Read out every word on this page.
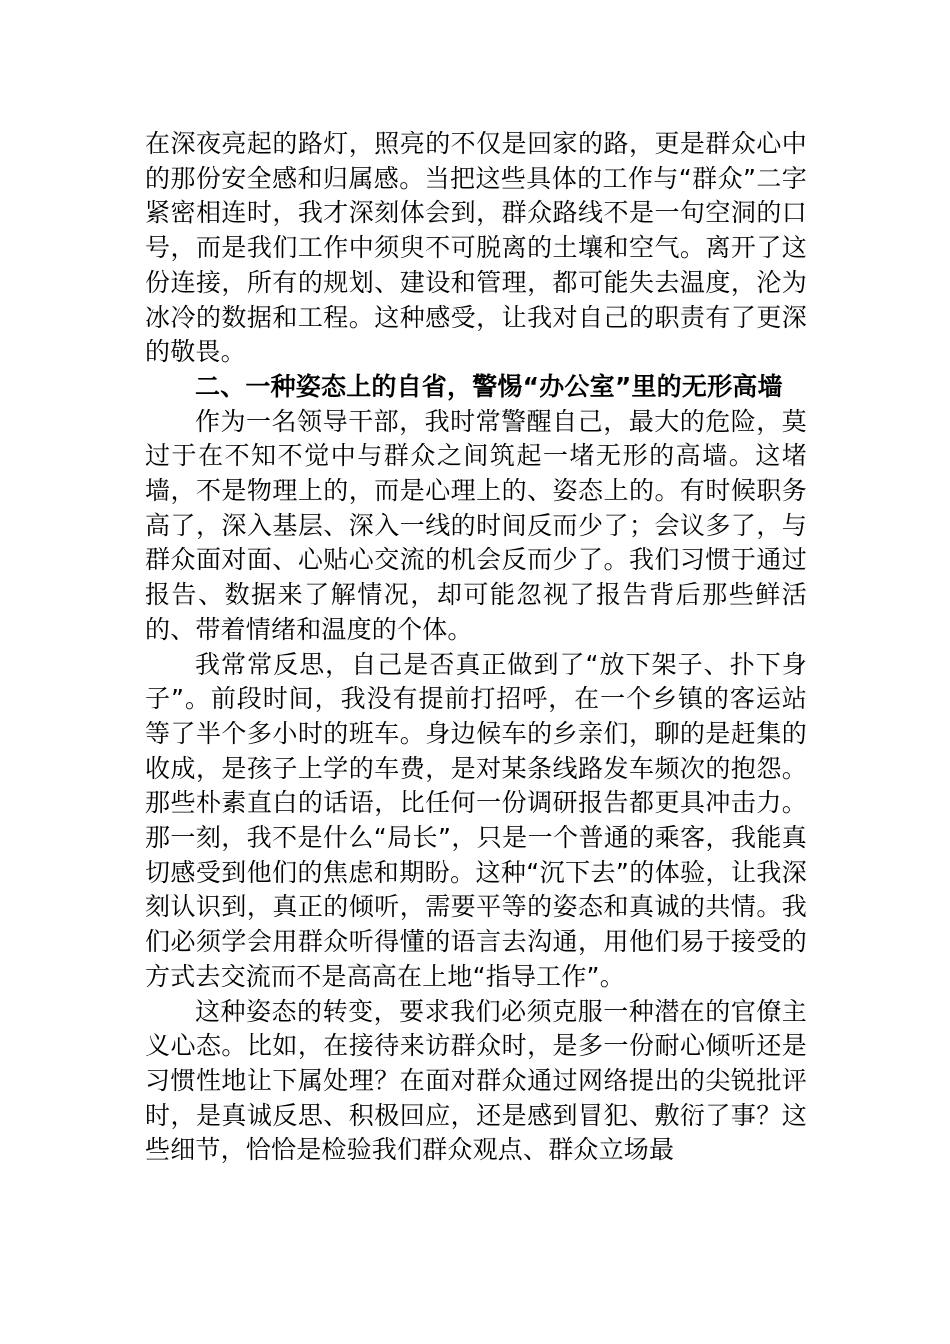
在深夜亮起的路灯，照亮的不仅是回家的路，更是群众心中的那份安全感和归属感。当把这些具体的工作与“群众”二字紧密相连时，我才深刻体会到，群众路线不是一句空洞的口号，而是我们工作中须臾不可脱离的土壤和空气。离开了这份连接，所有的规划、建设和管理，都可能失去温度，沦为冰冷的数据和工程。这种感受，让我对自己的职责有了更深的敬畏。

二、一种姿态上的自省，警惕“办公室”里的无形高墙

作为一名领导干部，我时常警醒自己，最大的危险，莫过于在不知不觉中与群众之间筑起一堵无形的高墙。这堵墙，不是物理上的，而是心理上的、姿态上的。有时候职务高了，深入基层、深入一线的时间反而少了；会议多了，与群众面对面、心贴心交流的机会反而少了。我们习惯于通过报告、数据来了解情况，却可能忽视了报告背后那些鲜活的、带着情绪和温度的个体。

我常常反思，自己是否真正做到了“放下架子、扑下身子”。前段时间，我没有提前打招呼，在一个乡镇的客运站等了半个多小时的班车。身边候车的乡亲们，聊的是赶集的收成，是孩子上学的车费，是对某条线路发车频次的抱怨。那些朴素直白的话语，比任何一份调研报告都更具冲击力。那一刻，我不是什么“局长”，只是一个普通的乘客，我能真切感受到他们的焦虑和期盼。这种“沉下去”的体验，让我深刻认识到，真正的倾听，需要平等的姿态和真诚的共情。我们必须学会用群众听得懂的语言去沟通，用他们易于接受的方式去交流而不是高高在上地“指导工作”。

这种姿态的转变，要求我们必须克服一种潜在的官僚主义心态。比如，在接待来访群众时，是多一份耐心倾听还是习惯性地让下属处理？在面对群众通过网络提出的尖锐批评时，是真诚反思、积极回应，还是感到冒犯、敷衍了事？这些细节，恰恰是检验我们群众观点、群众立场最
